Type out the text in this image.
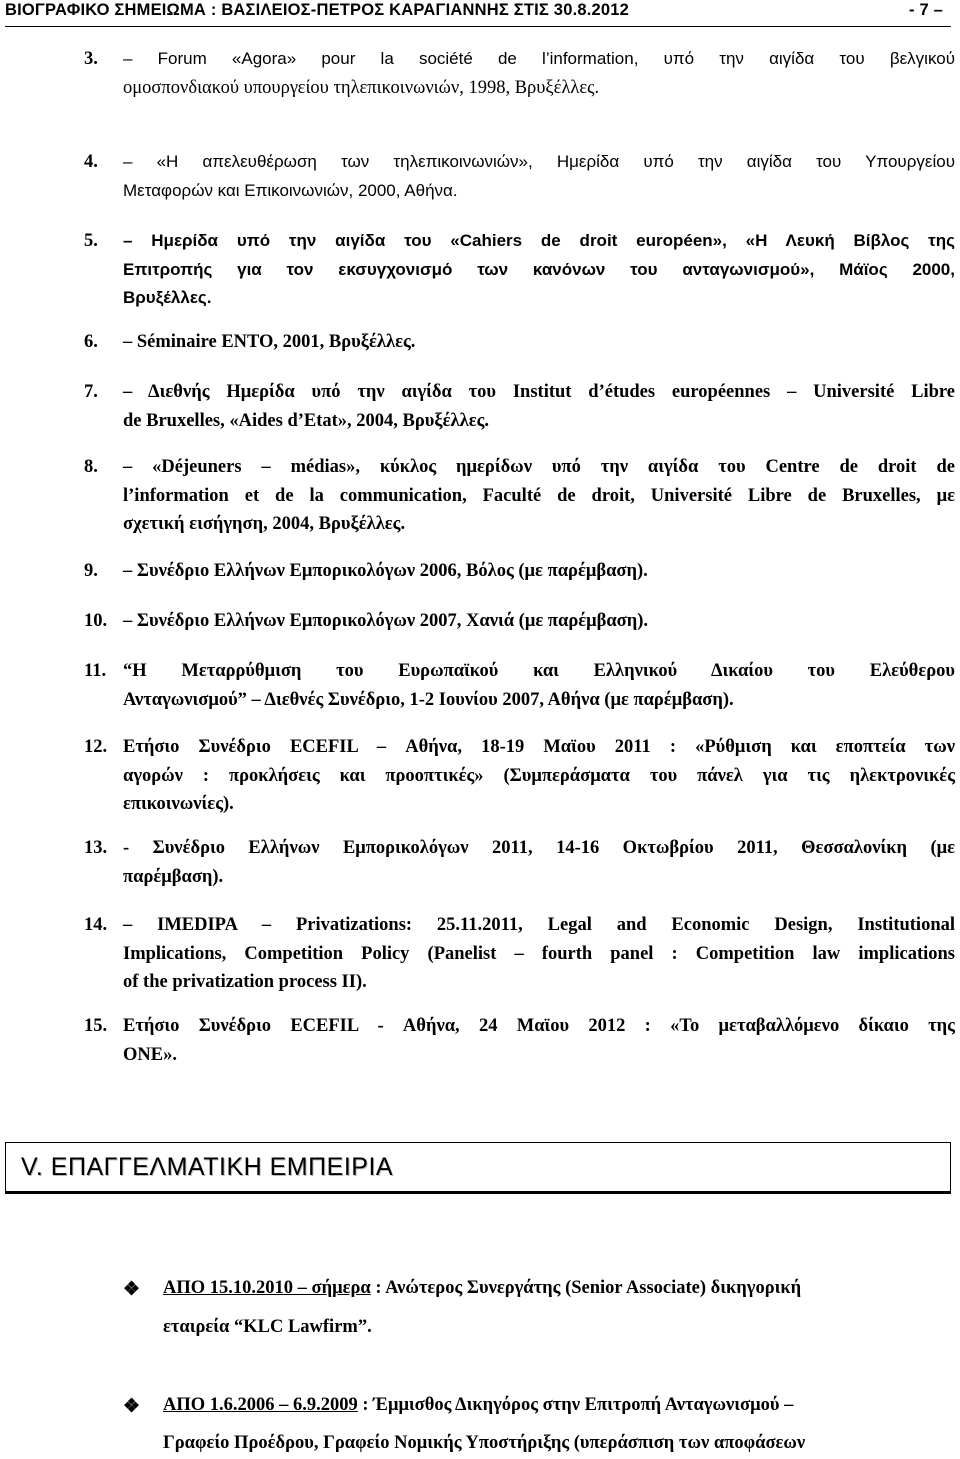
ΒΙΟΓΡΑΦΙΚΟ ΣΗΜΕΙΩΜΑ : ΒΑΣΙΛΕΙΟΣ-ΠΕΤΡΟΣ ΚΑΡΑΓΙΑΝΝΗΣ ΣΤΙΣ 30.8.2012	- 7 –
3. – Forum «Agora» pour la société de l’information, υπό την αιγίδα του βελγικού
ομοσπονδιακού υπουργείου τηλεπικοινωνιών, 1998, Βρυξέλλες.
4. – «Η απελευθέρωση των τηλεπικοινωνιών», Ημερίδα υπό την αιγίδα του Υπουργείου
Μεταφορών και Επικοινωνιών, 2000, Αθήνα.
5. – Ημερίδα υπό την αιγίδα του «Cahiers de droit européen», «Η Λευκή Βίβλος της
Επιτροπής για τον εκσυγχονισμό των κανόνων του ανταγωνισμού», Μάϊος 2000,
Βρυξέλλες.
6. – Séminaire ENTO, 2001, Βρυξέλλες.
7. – Διεθνής Ημερίδα υπό την αιγίδα του Institut d’études européennes – Université Libre
de Bruxelles, «Aides d’Etat», 2004, Βρυξέλλες.
8. – «Déjeuners – médias», κύκλος ημερίδων υπό την αιγίδα του Centre de droit de
l’information et de la communication, Faculté de droit, Université Libre de Bruxelles, με
σχετική εισήγηση, 2004, Βρυξέλλες.
9. – Συνέδριο Ελλήνων Εμπορικολόγων 2006, Βόλος (με παρέμβαση).
10. – Συνέδριο Ελλήνων Εμπορικολόγων 2007, Χανιά (με παρέμβαση).
11. “Η Μεταρρύθμιση του Ευρωπαϊκού και Ελληνικού Δικαίου του Ελεύθερου
Ανταγωνισμού” – Διεθνές Συνέδριο, 1-2 Ιουνίου 2007, Αθήνα (με παρέμβαση).
12. Ετήσιο Συνέδριο ECEFIL – Αθήνα, 18-19 Μαϊου 2011 : «Ρύθμιση και εποπτεία των
αγορών : προκλήσεις και προοπτικές» (Συμπεράσματα του πάνελ για τις ηλεκτρονικές
επικοινωνίες).
13. - Συνέδριο Ελλήνων Εμπορικολόγων 2011, 14-16 Οκτωβρίου 2011, Θεσσαλονίκη (με
παρέμβαση).
14. – IMEDIPA – Privatizations: 25.11.2011, Legal and Economic Design, Institutional
Implications, Competition Policy (Panelist – fourth panel : Competition law implications
of the privatization process II).
15. Ετήσιο Συνέδριο ECEFIL - Αθήνα, 24 Μαϊου 2012 : «Το μεταβαλλόμενο δίκαιο της
ΟΝΕ».
V. ΕΠΑΓΓΕΛΜΑΤΙΚΗ ΕΜΠΕΙΡΙΑ
❖ ΑΠΟ 15.10.2010 – σήμερα : Ανώτερος Συνεργάτης (Senior Associate) δικηγορική
εταιρεία “KLC Lawfirm”.
❖ ΑΠΟ 1.6.2006 – 6.9.2009 : Έμμισθος Δικηγόρος στην Επιτροπή Ανταγωνισμού –
Γραφείο Προέδρου, Γραφείο Νομικής Υποστήριξης (υπεράσπιση των αποφάσεων
